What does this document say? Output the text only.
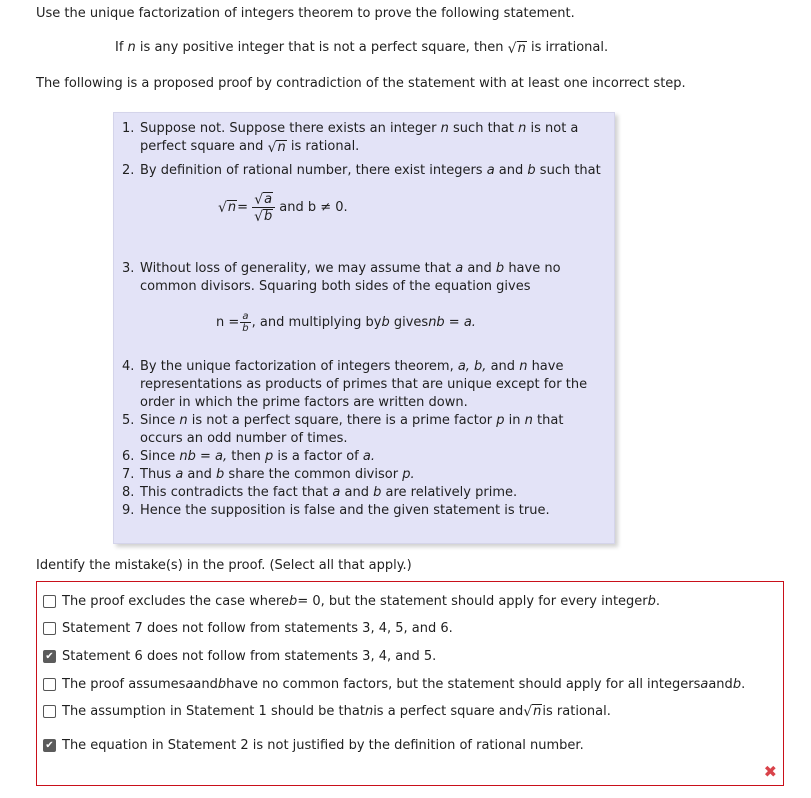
Use the unique factorization of integers theorem to prove the following statement.
If n is any positive integer that is not a perfect square, then √ n is irrational.
The following is a proposed proof by contradiction of the statement with at least one incorrect step.
1. Suppose not. Suppose there exists an integer n such that n is not a
perfect square and √ n is rational.
2. By definition of rational number, there exist integers a and b such that
√ $n = \frac{√ a}{√ b}$ and b ≠ 0.
3. Without loss of generality, we may assume that a and b have no
common divisors. Squaring both sides of the equation gives
$n = \frac{a}{b}$ , and multiplying by b
gives nb = a.
4. By the unique factorization of integers theorem, a, b, and n have
representations as products of primes that are unique except for the
order in which the prime factors are written down.
5. Since n is not a perfect square, there is a prime factor p in n that
occurs an odd number of times.
6. Since nb = a, then p is a factor of a.
7. Thus a and b share the common divisor p.
8. This contradicts the fact that a and b are relatively prime.
9. Hence the supposition is false and the given statement is true.
Identify the mistake(s) in the proof. (Select all that apply.)
The proof excludes the case where b = 0, but the statement should apply for every integer b .
Statement 7 does not follow from statements 3, 4, 5, and 6.
✔ Statement 6 does not follow from statements 3, 4, and 5.
The proof assumes a and b have no common factors, but the statement should apply for all integers a and b .
The assumption in Statement 1 should be that n is a perfect square and √ n is rational.
✔ The equation in Statement 2 is not justified by the definition of rational number.
✖
